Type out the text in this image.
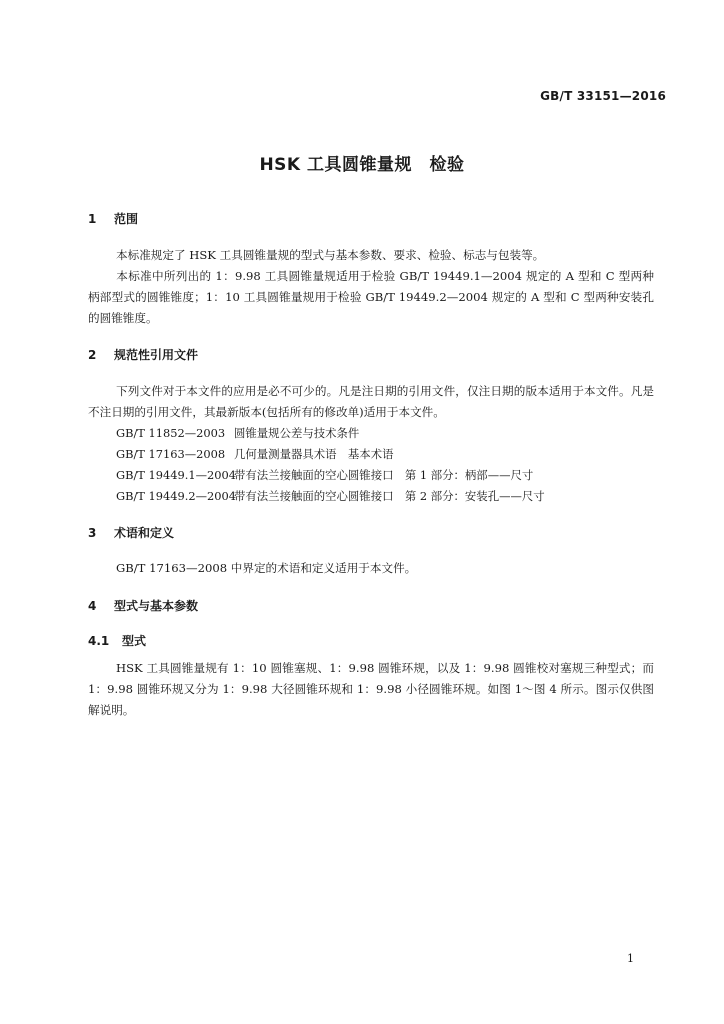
GB/T 33151—2016
HSK 工具圆锥量规　检验
1 范围
本标准规定了 HSK 工具圆锥量规的型式与基本参数、要求、检验、标志与包装等。
本标准中所列出的 1：9.98 工具圆锥量规适用于检验 GB/T 19449.1—2004 规定的 A 型和 C 型两种柄部型式的圆锥锥度；1：10 工具圆锥量规用于检验 GB/T 19449.2—2004 规定的 A 型和 C 型两种安装孔的圆锥锥度。
2 规范性引用文件
下列文件对于本文件的应用是必不可少的。凡是注日期的引用文件，仅注日期的版本适用于本文件。凡是不注日期的引用文件，其最新版本(包括所有的修改单)适用于本文件。
GB/T 11852—2003 圆锥量规公差与技术条件
GB/T 17163—2008 几何量测量器具术语　基本术语
GB/T 19449.1—2004带有法兰接触面的空心圆锥接口　第 1 部分：柄部——尺寸
GB/T 19449.2—2004带有法兰接触面的空心圆锥接口　第 2 部分：安装孔——尺寸
3 术语和定义
GB/T 17163—2008 中界定的术语和定义适用于本文件。
4 型式与基本参数
4.1 型式
HSK 工具圆锥量规有 1：10 圆锥塞规、1：9.98 圆锥环规，以及 1：9.98 圆锥校对塞规三种型式；而 1：9.98 圆锥环规又分为 1：9.98 大径圆锥环规和 1：9.98 小径圆锥环规。如图 1～图 4 所示。图示仅供图解说明。
1
